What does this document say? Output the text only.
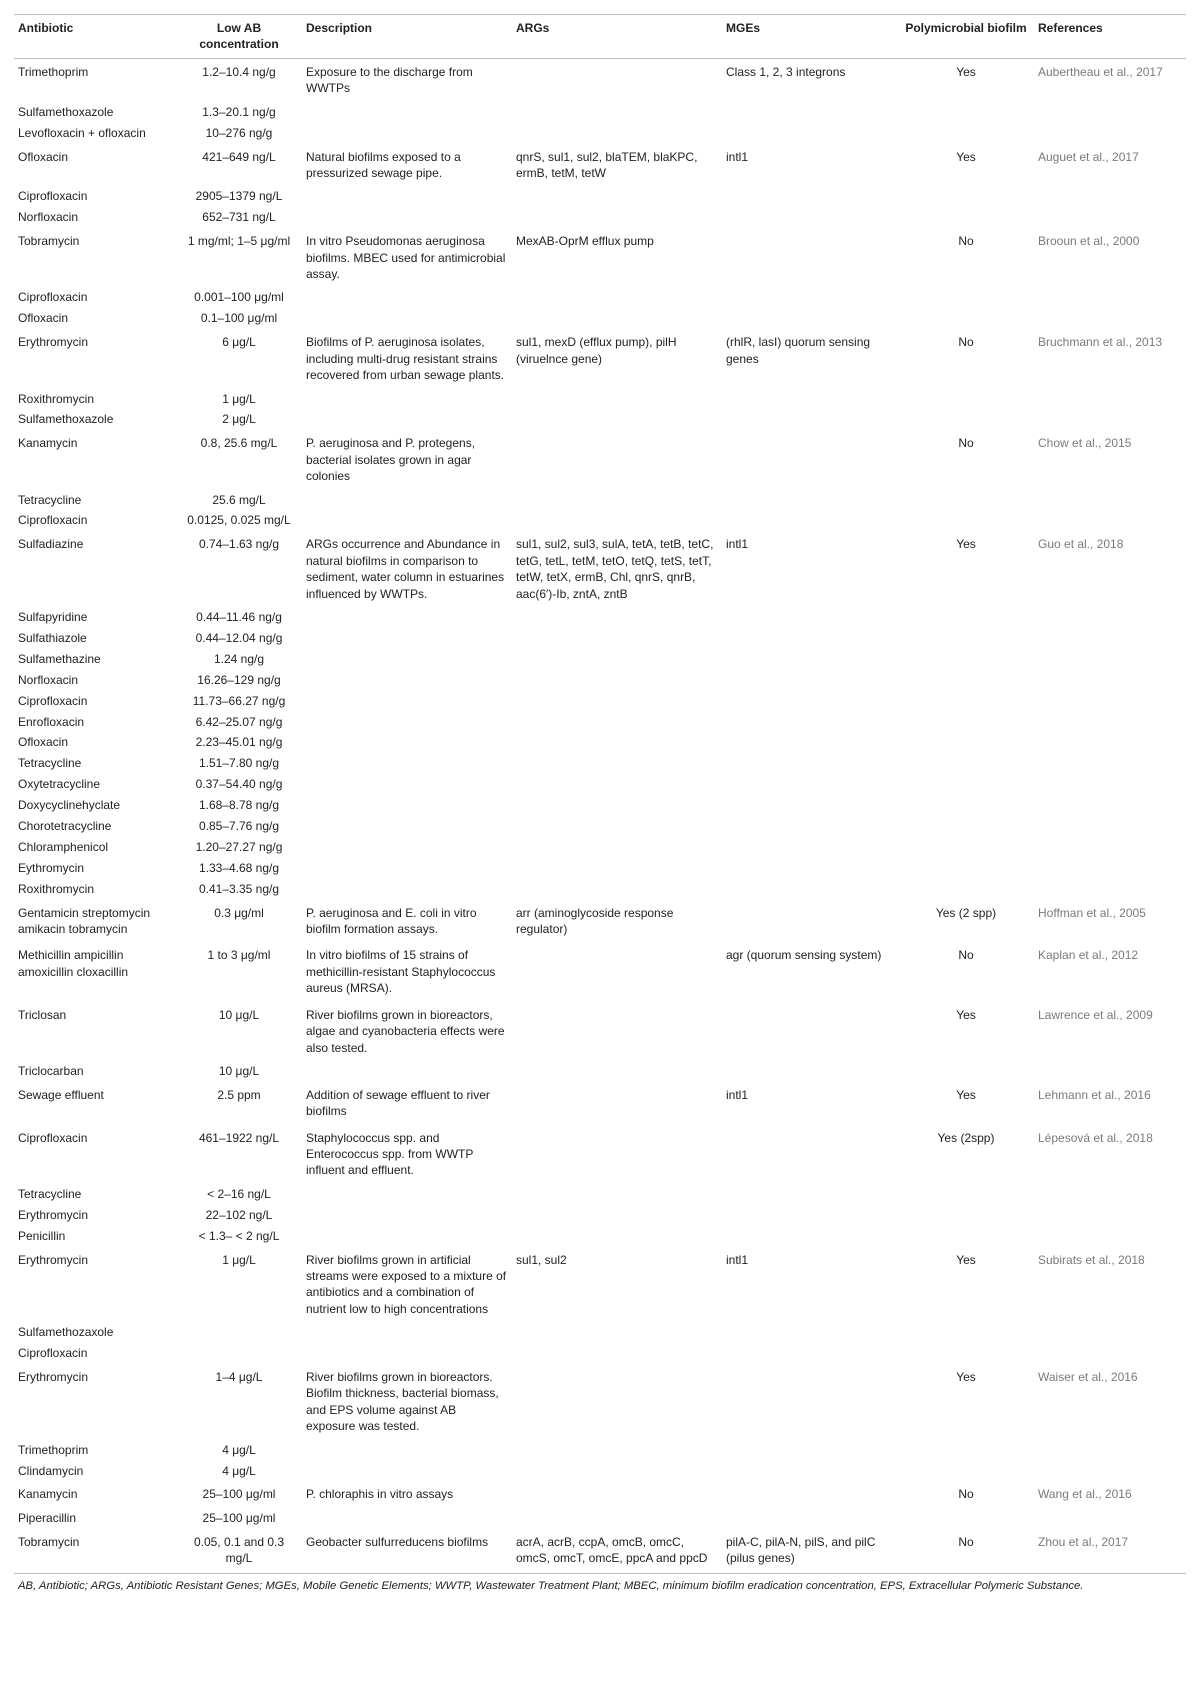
Antibiotic	Low AB concentration	Description	ARGs	MGEs	Polymicrobial biofilm	References
Trimethoprim	1.2–10.4 ng/g	Exposure to the discharge from WWTPs		Class 1, 2, 3 integrons	Yes	Aubertheau et al., 2017
Sulfamethoxazole	1.3–20.1 ng/g					
Levofloxacin + ofloxacin	10–276 ng/g					
Ofloxacin	421–649 ng/L	Natural biofilms exposed to a pressurized sewage pipe.	qnrS, sul1, sul2, blaTEM, blaKPC, ermB, tetM, tetW	intl1	Yes	Auguet et al., 2017
Ciprofloxacin	2905–1379 ng/L					
Norfloxacin	652–731 ng/L					
Tobramycin	1 mg/ml; 1–5 μg/ml	In vitro Pseudomonas aeruginosa biofilms. MBEC used for antimicrobial assay.	MexAB-OprM efflux pump		No	Brooun et al., 2000
Ciprofloxacin	0.001–100 μg/ml					
Ofloxacin	0.1–100 μg/ml					
Erythromycin	6 μg/L	Biofilms of P. aeruginosa isolates, including multi-drug resistant strains recovered from urban sewage plants.	sul1, mexD (efflux pump), pilH (viruelnce gene)	(rhlR, lasI) quorum sensing genes	No	Bruchmann et al., 2013
Roxithromycin	1 μg/L					
Sulfamethoxazole	2 μg/L					
Kanamycin	0.8, 25.6 mg/L	P. aeruginosa and P. protegens, bacterial isolates grown in agar colonies			No	Chow et al., 2015
Tetracycline	25.6 mg/L					
Ciprofloxacin	0.0125, 0.025 mg/L					
Sulfadiazine	0.74–1.63 ng/g	ARGs occurrence and Abundance in natural biofilms in comparison to sediment, water column in estuarines influenced by WWTPs.	sul1, sul2, sul3, sulA, tetA, tetB, tetC, tetG, tetL, tetM, tetO, tetQ, tetS, tetT, tetW, tetX, ermB, Chl, qnrS, qnrB, aac(6′)-Ib, zntA, zntB	intl1	Yes	Guo et al., 2018
Sulfapyridine	0.44–11.46 ng/g					
Sulfathiazole	0.44–12.04 ng/g					
Sulfamethazine	1.24 ng/g					
Norfloxacin	16.26–129 ng/g					
Ciprofloxacin	11.73–66.27 ng/g					
Enrofloxacin	6.42–25.07 ng/g					
Ofloxacin	2.23–45.01 ng/g					
Tetracycline	1.51–7.80 ng/g					
Oxytetracycline	0.37–54.40 ng/g					
Doxycyclinehyclate	1.68–8.78 ng/g					
Chorotetracycline	0.85–7.76 ng/g					
Chloramphenicol	1.20–27.27 ng/g					
Eythromycin	1.33–4.68 ng/g					
Roxithromycin	0.41–3.35 ng/g					
Gentamicin streptomycin amikacin tobramycin	0.3 μg/ml	P. aeruginosa and E. coli in vitro biofilm formation assays.	arr (aminoglycoside response regulator)		Yes (2 spp)	Hoffman et al., 2005
Methicillin ampicillin amoxicillin cloxacillin	1 to 3 μg/ml	In vitro biofilms of 15 strains of methicillin-resistant Staphylococcus aureus (MRSA).		agr (quorum sensing system)	No	Kaplan et al., 2012
Triclosan	10 μg/L	River biofilms grown in bioreactors, algae and cyanobacteria effects were also tested.			Yes	Lawrence et al., 2009
Triclocarban	10 μg/L					
Sewage effluent	2.5 ppm	Addition of sewage effluent to river biofilms		intl1	Yes	Lehmann et al., 2016
Ciprofloxacin	461–1922 ng/L	Staphylococcus spp. and Enterococcus spp. from WWTP influent and effluent.			Yes (2spp)	Lépesová et al., 2018
Tetracycline	< 2–16 ng/L					
Erythromycin	22–102 ng/L					
Penicillin	< 1.3– < 2 ng/L					
Erythromycin	1 μg/L	River biofilms grown in artificial streams were exposed to a mixture of antibiotics and a combination of nutrient low to high concentrations	sul1, sul2	intl1	Yes	Subirats et al., 2018
Sulfamethozaxole						
Ciprofloxacin						
Erythromycin	1–4 μg/L	River biofilms grown in bioreactors. Biofilm thickness, bacterial biomass, and EPS volume against AB exposure was tested.			Yes	Waiser et al., 2016
Trimethoprim	4 μg/L					
Clindamycin	4 μg/L					
Kanamycin	25–100 μg/ml	P. chloraphis in vitro assays			No	Wang et al., 2016
Piperacillin	25–100 μg/ml					
Tobramycin	0.05, 0.1 and 0.3 mg/L	Geobacter sulfurreducens biofilms	acrA, acrB, ccpA, omcB, omcC, omcS, omcT, omcE, ppcA and ppcD	pilA-C, pilA-N, pilS, and pilC (pilus genes)	No	Zhou et al., 2017
AB, Antibiotic; ARGs, Antibiotic Resistant Genes; MGEs, Mobile Genetic Elements; WWTP, Wastewater Treatment Plant; MBEC, minimum biofilm eradication concentration, EPS, Extracellular Polymeric Substance.
